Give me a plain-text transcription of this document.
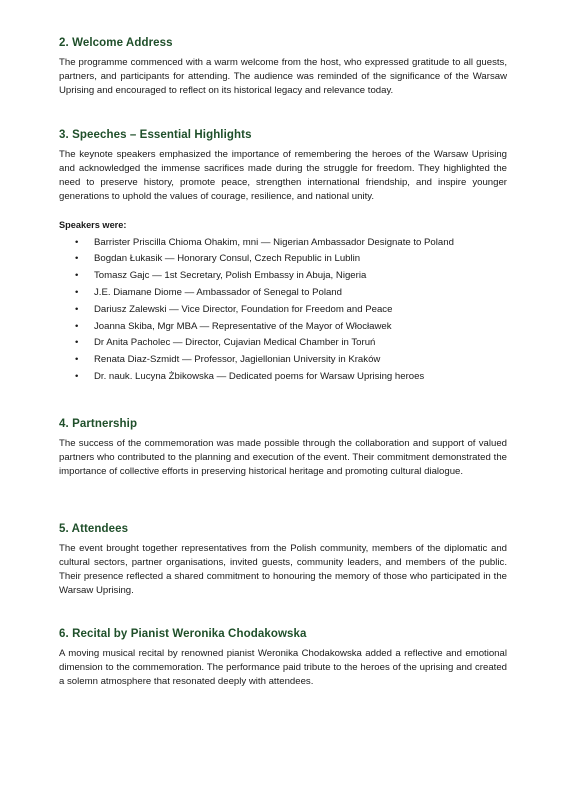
2. Welcome Address

The programme commenced with a warm welcome from the host, who expressed gratitude to all guests, partners, and participants for attending. The audience was reminded of the significance of the Warsaw Uprising and encouraged to reflect on its historical legacy and relevance today.

3. Speeches – Essential Highlights

The keynote speakers emphasized the importance of remembering the heroes of the Warsaw Uprising and acknowledged the immense sacrifices made during the struggle for freedom. They highlighted the need to preserve history, promote peace, strengthen international friendship, and inspire younger generations to uphold the values of courage, resilience, and national unity.

Speakers were:
• Barrister Priscilla Chioma Ohakim, mni — Nigerian Ambassador Designate to Poland
• Bogdan Łukasik — Honorary Consul, Czech Republic in Lublin
• Tomasz Gajc — 1st Secretary, Polish Embassy in Abuja, Nigeria
• J.E. Diamane Diome — Ambassador of Senegal to Poland
• Dariusz Zalewski — Vice Director, Foundation for Freedom and Peace
• Joanna Skiba, Mgr MBA — Representative of the Mayor of Włocławek
• Dr Anita Pacholec — Director, Cujavian Medical Chamber in Toruń
• Renata Diaz-Szmidt — Professor, Jagiellonian University in Kraków
• Dr. nauk. Lucyna Żbikowska — Dedicated poems for Warsaw Uprising heroes
4. Partnership

The success of the commemoration was made possible through the collaboration and support of valued partners who contributed to the planning and execution of the event. Their commitment demonstrated the importance of collective efforts in preserving historical heritage and promoting cultural dialogue.

5. Attendees

The event brought together representatives from the Polish community, members of the diplomatic and cultural sectors, partner organisations, invited guests, community leaders, and members of the public. Their presence reflected a shared commitment to honouring the memory of those who participated in the Warsaw Uprising.

6. Recital by Pianist Weronika Chodakowska

A moving musical recital by renowned pianist Weronika Chodakowska added a reflective and emotional dimension to the commemoration. The performance paid tribute to the heroes of the uprising and created a solemn atmosphere that resonated deeply with attendees.
